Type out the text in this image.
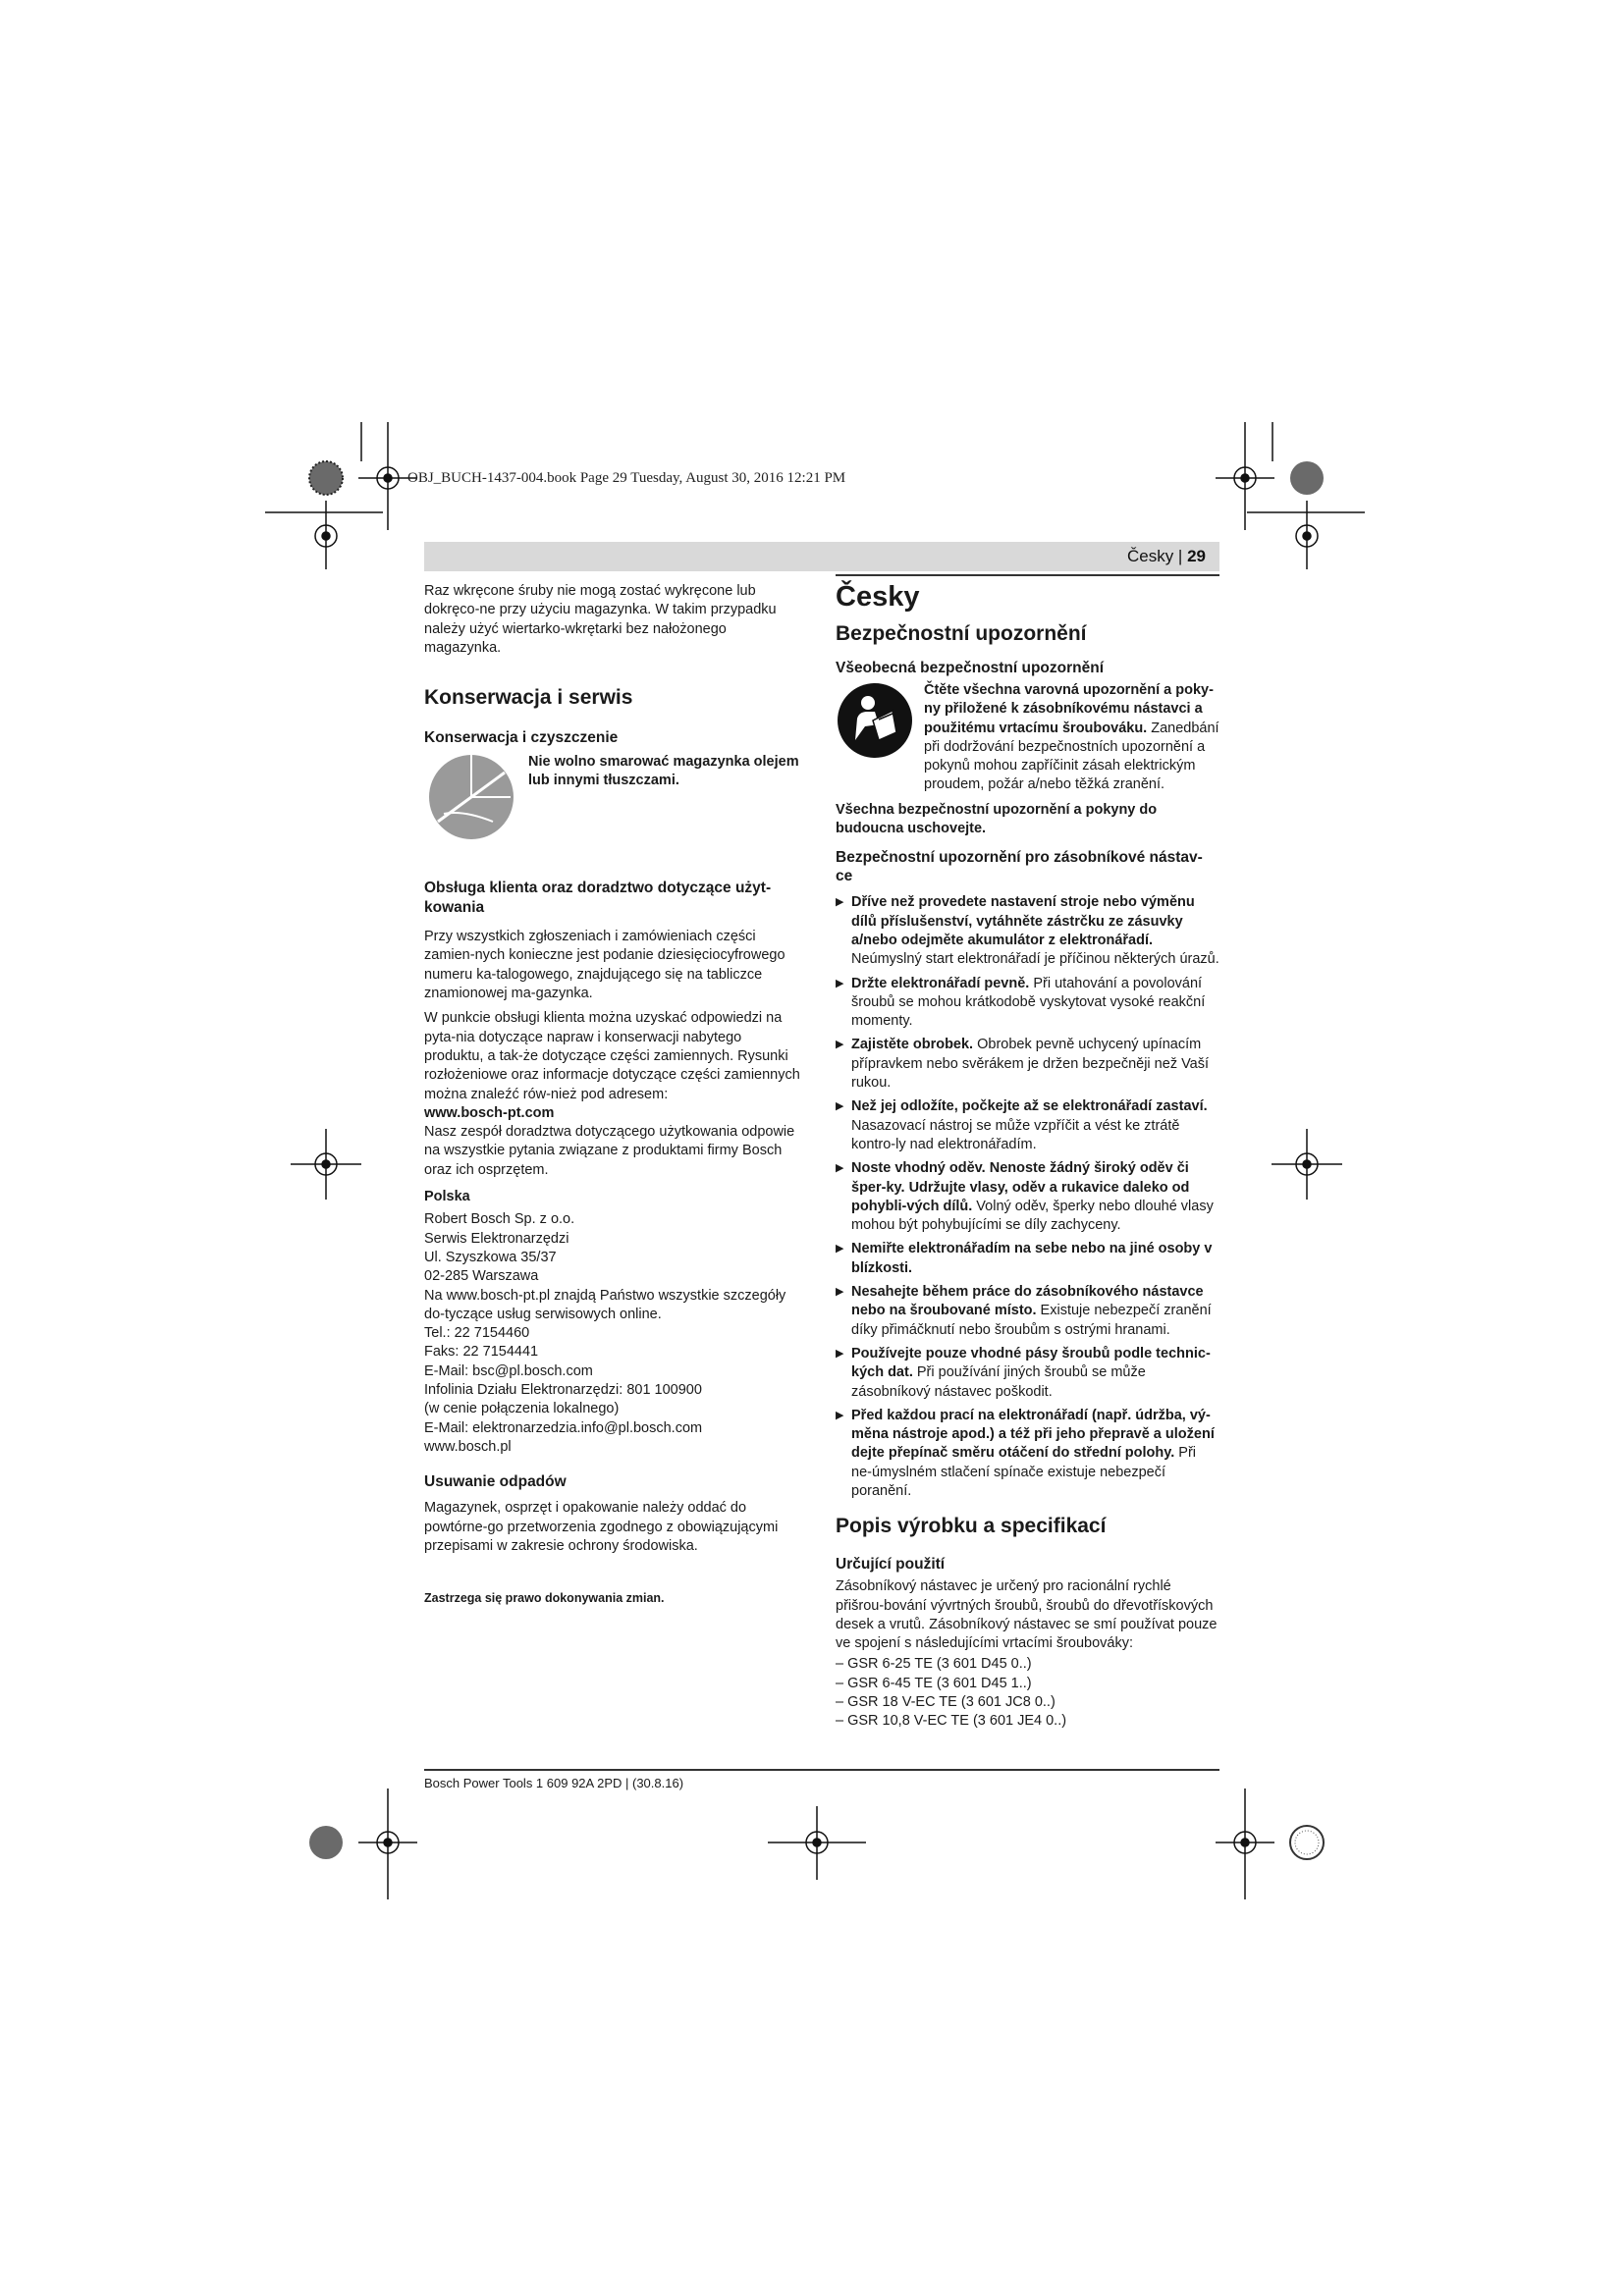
OBJ_BUCH-1437-004.book Page 29 Tuesday, August 30, 2016 12:21 PM
Česky | 29

Raz wkręcone śruby nie mogą zostać wykręcone lub dokręco-ne przy użyciu magazynka. W takim przypadku należy użyć wiertarko-wkrętarki bez nałożonego magazynka.

Konserwacja i serwis
Konserwacja i czyszczenie
Nie wolno smarować magazynka olejem lub innymi tłuszczami.
Obsługa klienta oraz doradztwo dotyczące użyt-kowania

Przy wszystkich zgłoszeniach i zamówieniach części zamien-nych konieczne jest podanie dziesięciocyfrowego numeru ka-talogowego, znajdującego się na tabliczce znamionowej ma-gazynka.

W punkcie obsługi klienta można uzyskać odpowiedzi na pyta-nia dotyczące napraw i konserwacji nabytego produktu, a tak-że dotyczące części zamiennych. Rysunki rozłożeniowe oraz informacje dotyczące części zamiennych można znaleźć rów-nież pod adresem:

www.bosch-pt.com

Nasz zespół doradztwa dotyczącego użytkowania odpowie na wszystkie pytania związane z produktami firmy Bosch oraz ich osprzętem.

Polska
Robert Bosch Sp. z o.o.
Serwis Elektronarzędzi
Ul. Szyszkowa 35/37
02-285 Warszawa
Na www.bosch-pt.pl znajdą Państwo wszystkie szczegóły do-tyczące usług serwisowych online.
Tel.: 22 7154460
Faks: 22 7154441
E-Mail: bsc@pl.bosch.com
Infolinia Działu Elektronarzędzi: 801 100900
(w cenie połączenia lokalnego)
E-Mail: elektronarzedzia.info@pl.bosch.com
www.bosch.pl
Usuwanie odpadów

Magazynek, osprzęt i opakowanie należy oddać do powtórne-go przetworzenia zgodnego z obowiązującymi przepisami w zakresie ochrony środowiska.

Zastrzega się prawo dokonywania zmian.
Česky
Bezpečnostní upozornění
Všeobecná bezpečnostní upozornění
Čtěte všechna varovná upozornění a poky-ny přiložené k zásobníkovému nástavci a použitému vrtacímu šroubováku. Zanedbání při dodržování bezpečnostních upozornění a pokynů mohou zapříčinit zásah elektrickým proudem, požár a/nebo těžká zranění.

Všechna bezpečnostní upozornění a pokyny do budoucna uschovejte.

Bezpečnostní upozornění pro zásobníkové nástav-ce
▶ Dříve než provedete nastavení stroje nebo výměnu dílů příslušenství, vytáhněte zástrčku ze zásuvky a/nebo odejměte akumulátor z elektronářadí. Neúmyslný start elektronářadí je příčinou některých úrazů.
▶ Držte elektronářadí pevně. Při utahování a povolování šroubů se mohou krátkodobě vyskytovat vysoké reakční momenty.
▶ Zajistěte obrobek. Obrobek pevně uchycený upínacím přípravkem nebo svěrákem je držen bezpečněji než Vaší rukou.
▶ Než jej odložíte, počkejte až se elektronářadí zastaví. Nasazovací nástroj se může vzpříčit a vést ke ztrátě kontro-ly nad elektronářadím.
▶ Noste vhodný oděv. Nenoste žádný široký oděv či šper-ky. Udržujte vlasy, oděv a rukavice daleko od pohybli-vých dílů. Volný oděv, šperky nebo dlouhé vlasy mohou být pohybujícími se díly zachyceny.
▶ Nemiřte elektronářadím na sebe nebo na jiné osoby v blízkosti.
▶ Nesahejte během práce do zásobníkového nástavce nebo na šroubované místo. Existuje nebezpečí zranění díky přimáčknutí nebo šroubům s ostrými hranami.
▶ Používejte pouze vhodné pásy šroubů podle technic-kých dat. Při používání jiných šroubů se může zásobníkový nástavec poškodit.
▶ Před každou prací na elektronářadí (např. údržba, vý-měna nástroje apod.) a též při jeho přepravě a uložení dejte přepínač směru otáčení do střední polohy. Při ne-úmyslném stlačení spínače existuje nebezpečí poranění.
Popis výrobku a specifikací
Určující použití

Zásobníkový nástavec je určený pro racionální rychlé přišrou-bování vývrtných šroubů, šroubů do dřevotřískových desek a vrutů. Zásobníkový nástavec se smí používat pouze ve spojení s následujícími vrtacími šroubováky:

– GSR 6-25 TE (3 601 D45 0..)
– GSR 6-45 TE (3 601 D45 1..)
– GSR 18 V-EC TE (3 601 JC8 0..)
– GSR 10,8 V-EC TE (3 601 JE4 0..)
Bosch Power Tools 1 609 92A 2PD | (30.8.16)
